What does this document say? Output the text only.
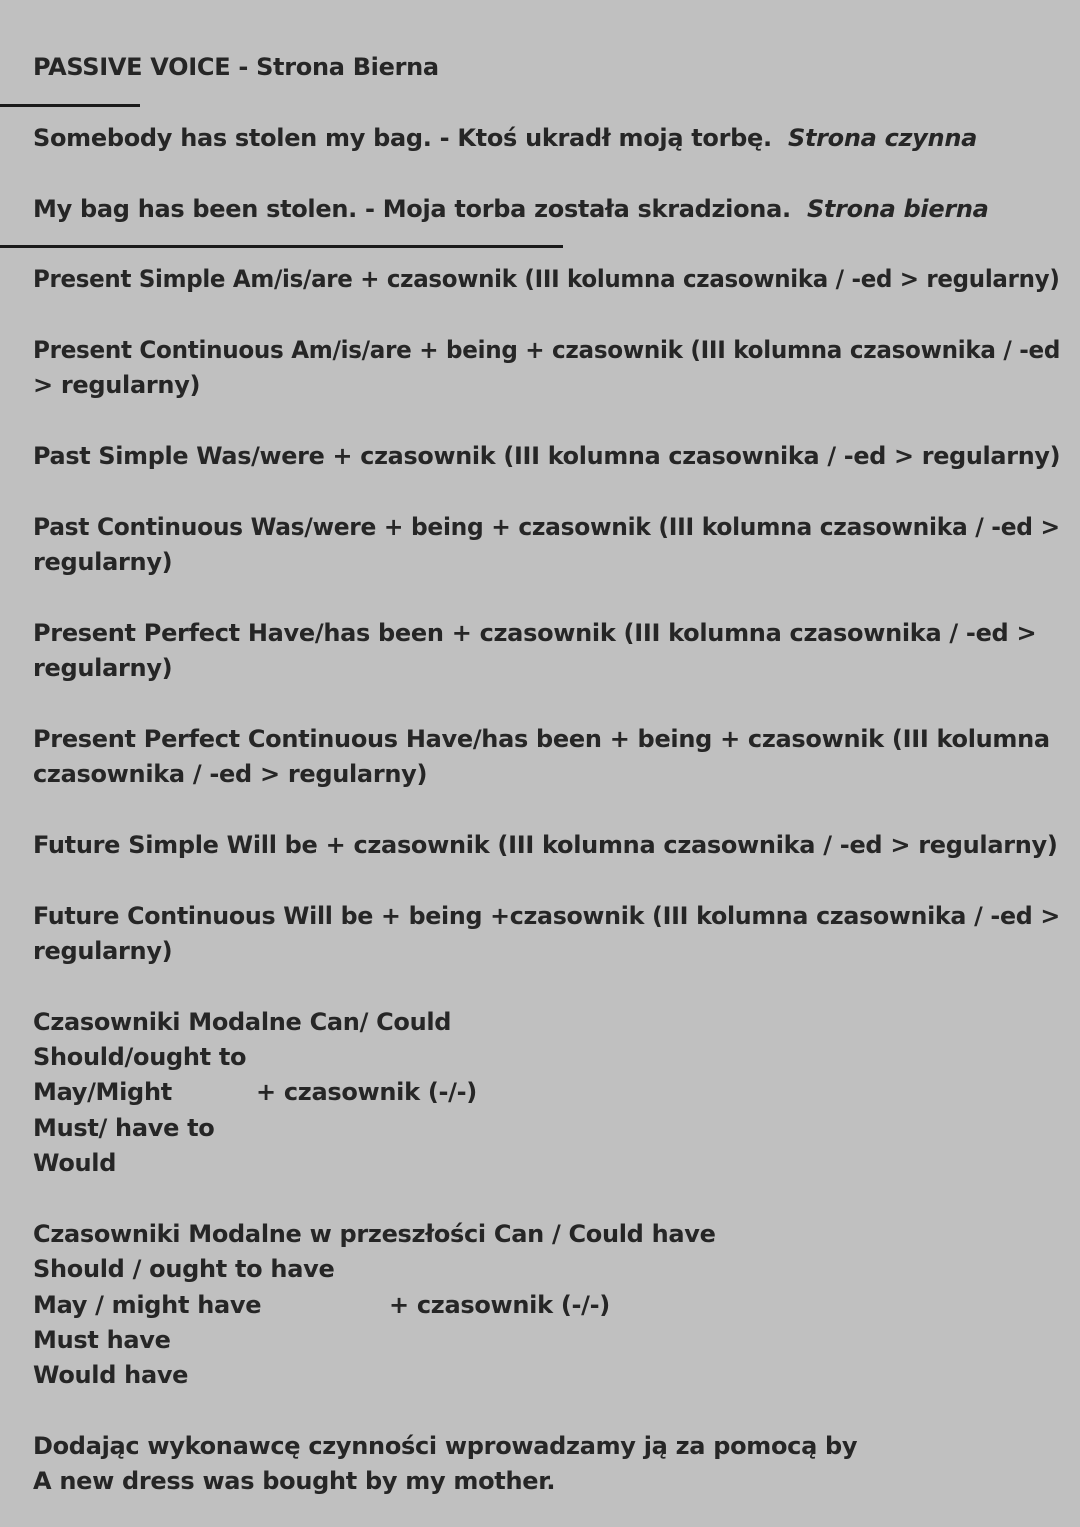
PASSIVE VOICE - Strona Bierna
Somebody has stolen my bag. - Ktoś ukradł moją torbę. Strona czynna
My bag has been stolen. - Moja torba została skradziona. Strona bierna
Present Simple Am/is/are + czasownik (III kolumna czasownika / -ed > regularny)
Present Continuous Am/is/are + being + czasownik (III kolumna czasownika / -ed
> regularny)
Past Simple Was/were + czasownik (III kolumna czasownika / -ed > regularny)
Past Continuous Was/were + being + czasownik (III kolumna czasownika / -ed >
regularny)
Present Perfect Have/has been + czasownik (III kolumna czasownika / -ed >
regularny)
Present Perfect Continuous Have/has been + being + czasownik (III kolumna
czasownika / -ed > regularny)
Future Simple Will be + czasownik (III kolumna czasownika / -ed > regularny)
Future Continuous Will be + being +czasownik (III kolumna czasownika / -ed >
regularny)
Czasowniki Modalne Can/ Could
Should/ought to
May/Might	+ czasownik (-/-)
Must/ have to
Would
Czasowniki Modalne w przeszłości Can / Could have
Should / ought to have
May / might have	+ czasownik (-/-)
Must have
Would have
Dodając wykonawcę czynności wprowadzamy ją za pomocą by
A new dress was bought by my mother.
